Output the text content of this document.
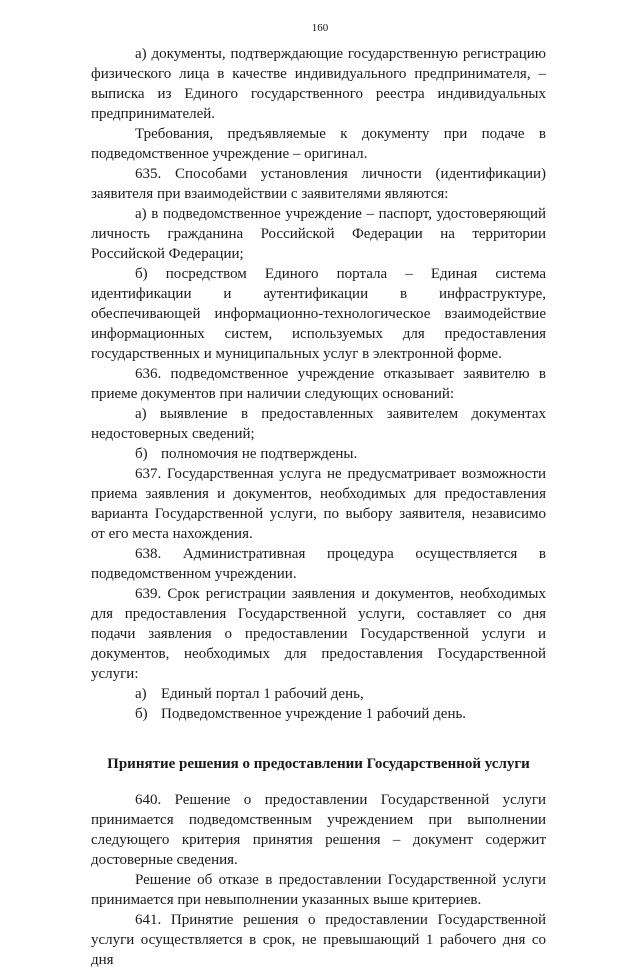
160

а) документы, подтверждающие государственную регистрацию физического лица в качестве индивидуального предпринимателя, – выписка из Единого государственного реестра индивидуальных предпринимателей.

Требования, предъявляемые к документу при подаче в подведомственное учреждение – оригинал.

635. Способами установления личности (идентификации) заявителя при взаимодействии с заявителями являются:

а) в подведомственное учреждение – паспорт, удостоверяющий личность гражданина Российской Федерации на территории Российской Федерации;

б) посредством Единого портала – Единая система идентификации и аутентификации в инфраструктуре, обеспечивающей информационно-технологическое взаимодействие информационных систем, используемых для предоставления государственных и муниципальных услуг в электронной форме.

636. подведомственное учреждение отказывает заявителю в приеме документов при наличии следующих оснований:

а) выявление в предоставленных заявителем документах недостоверных сведений;

б) полномочия не подтверждены.

637. Государственная услуга не предусматривает возможности приема заявления и документов, необходимых для предоставления варианта Государственной услуги, по выбору заявителя, независимо от его места нахождения.

638. Административная процедура осуществляется в подведомственном учреждении.

639. Срок регистрации заявления и документов, необходимых для предоставления Государственной услуги, составляет со дня подачи заявления о предоставлении Государственной услуги и документов, необходимых для предоставления Государственной услуги:

а) Единый портал 1 рабочий день,

б) Подведомственное учреждение 1 рабочий день.

Принятие решения о предоставлении Государственной услуги

640. Решение о предоставлении Государственной услуги принимается подведомственным учреждением при выполнении следующего критерия принятия решения – документ содержит достоверные сведения.

Решение об отказе в предоставлении Государственной услуги принимается при невыполнении указанных выше критериев.

641. Принятие решения о предоставлении Государственной услуги осуществляется в срок, не превышающий 1 рабочего дня со дня
